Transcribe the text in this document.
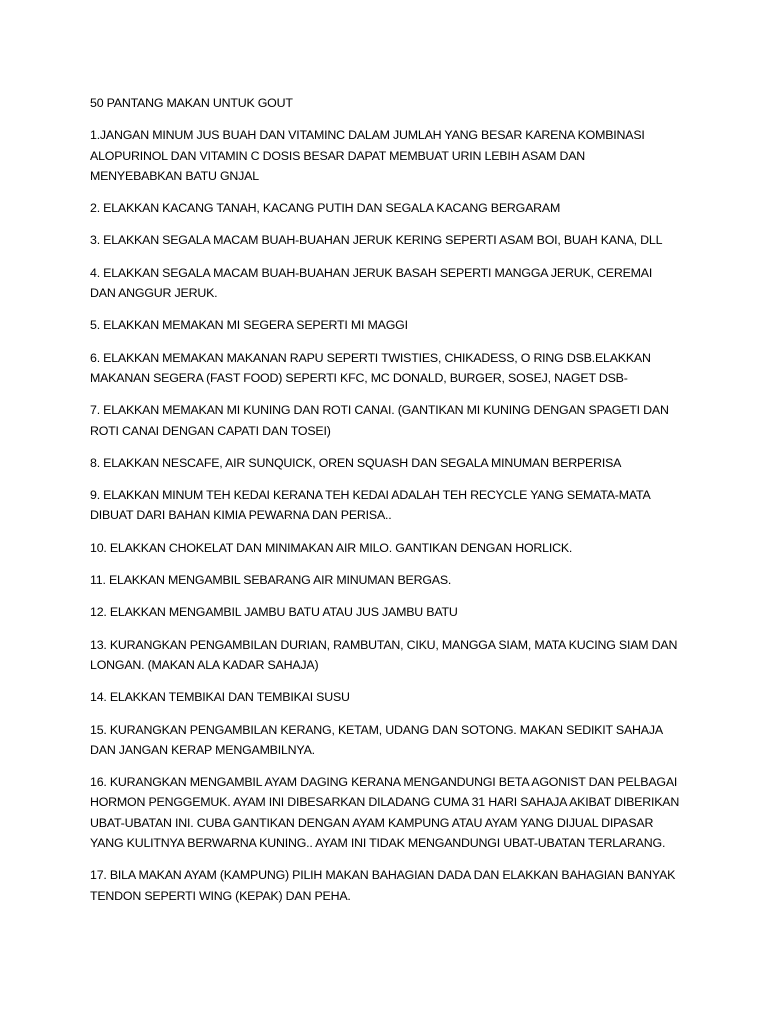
50 PANTANG MAKAN UNTUK GOUT

1.JANGAN MINUM JUS BUAH DAN VITAMINC DALAM JUMLAH YANG BESAR KARENA KOMBINASI ALOPURINOL DAN VITAMIN C DOSIS BESAR DAPAT MEMBUAT URIN LEBIH ASAM DAN MENYEBABKAN BATU GNJAL

2. ELAKKAN KACANG TANAH, KACANG PUTIH DAN SEGALA KACANG BERGARAM

3. ELAKKAN SEGALA MACAM BUAH-BUAHAN JERUK KERING SEPERTI ASAM BOI, BUAH KANA, DLL

4. ELAKKAN SEGALA MACAM BUAH-BUAHAN JERUK BASAH SEPERTI MANGGA JERUK, CEREMAI DAN ANGGUR JERUK.

5. ELAKKAN MEMAKAN MI SEGERA SEPERTI MI MAGGI

6. ELAKKAN MEMAKAN MAKANAN RAPU SEPERTI TWISTIES, CHIKADESS, O RING DSB.ELAKKAN MAKANAN SEGERA (FAST FOOD) SEPERTI KFC, MC DONALD, BURGER, SOSEJ, NAGET DSB-

7. ELAKKAN MEMAKAN MI KUNING DAN ROTI CANAI. (GANTIKAN MI KUNING DENGAN SPAGETI DAN ROTI CANAI DENGAN CAPATI DAN TOSEI)

8. ELAKKAN NESCAFE, AIR SUNQUICK, OREN SQUASH DAN SEGALA MINUMAN BERPERISA

9. ELAKKAN MINUM TEH KEDAI KERANA TEH KEDAI ADALAH TEH RECYCLE YANG SEMATA-MATA DIBUAT DARI BAHAN KIMIA PEWARNA DAN PERISA..

10. ELAKKAN CHOKELAT DAN MINIMAKAN AIR MILO. GANTIKAN DENGAN HORLICK.

11. ELAKKAN MENGAMBIL SEBARANG AIR MINUMAN BERGAS.

12. ELAKKAN MENGAMBIL JAMBU BATU ATAU JUS JAMBU BATU

13. KURANGKAN PENGAMBILAN DURIAN, RAMBUTAN, CIKU, MANGGA SIAM, MATA KUCING SIAM DAN LONGAN. (MAKAN ALA KADAR SAHAJA)

14. ELAKKAN TEMBIKAI DAN TEMBIKAI SUSU

15. KURANGKAN PENGAMBILAN KERANG, KETAM, UDANG DAN SOTONG. MAKAN SEDIKIT SAHAJA DAN JANGAN KERAP MENGAMBILNYA.

16. KURANGKAN MENGAMBIL AYAM DAGING KERANA MENGANDUNGI BETA AGONIST DAN PELBAGAI HORMON PENGGEMUK. AYAM INI DIBESARKAN DILADANG CUMA 31 HARI SAHAJA AKIBAT DIBERIKAN UBAT-UBATAN INI. CUBA GANTIKAN DENGAN AYAM KAMPUNG ATAU AYAM YANG DIJUAL DIPASAR YANG KULITNYA BERWARNA KUNING.. AYAM INI TIDAK MENGANDUNGI UBAT-UBATAN TERLARANG.

17. BILA MAKAN AYAM (KAMPUNG) PILIH MAKAN BAHAGIAN DADA DAN ELAKKAN BAHAGIAN BANYAK TENDON SEPERTI WING (KEPAK) DAN PEHA.
